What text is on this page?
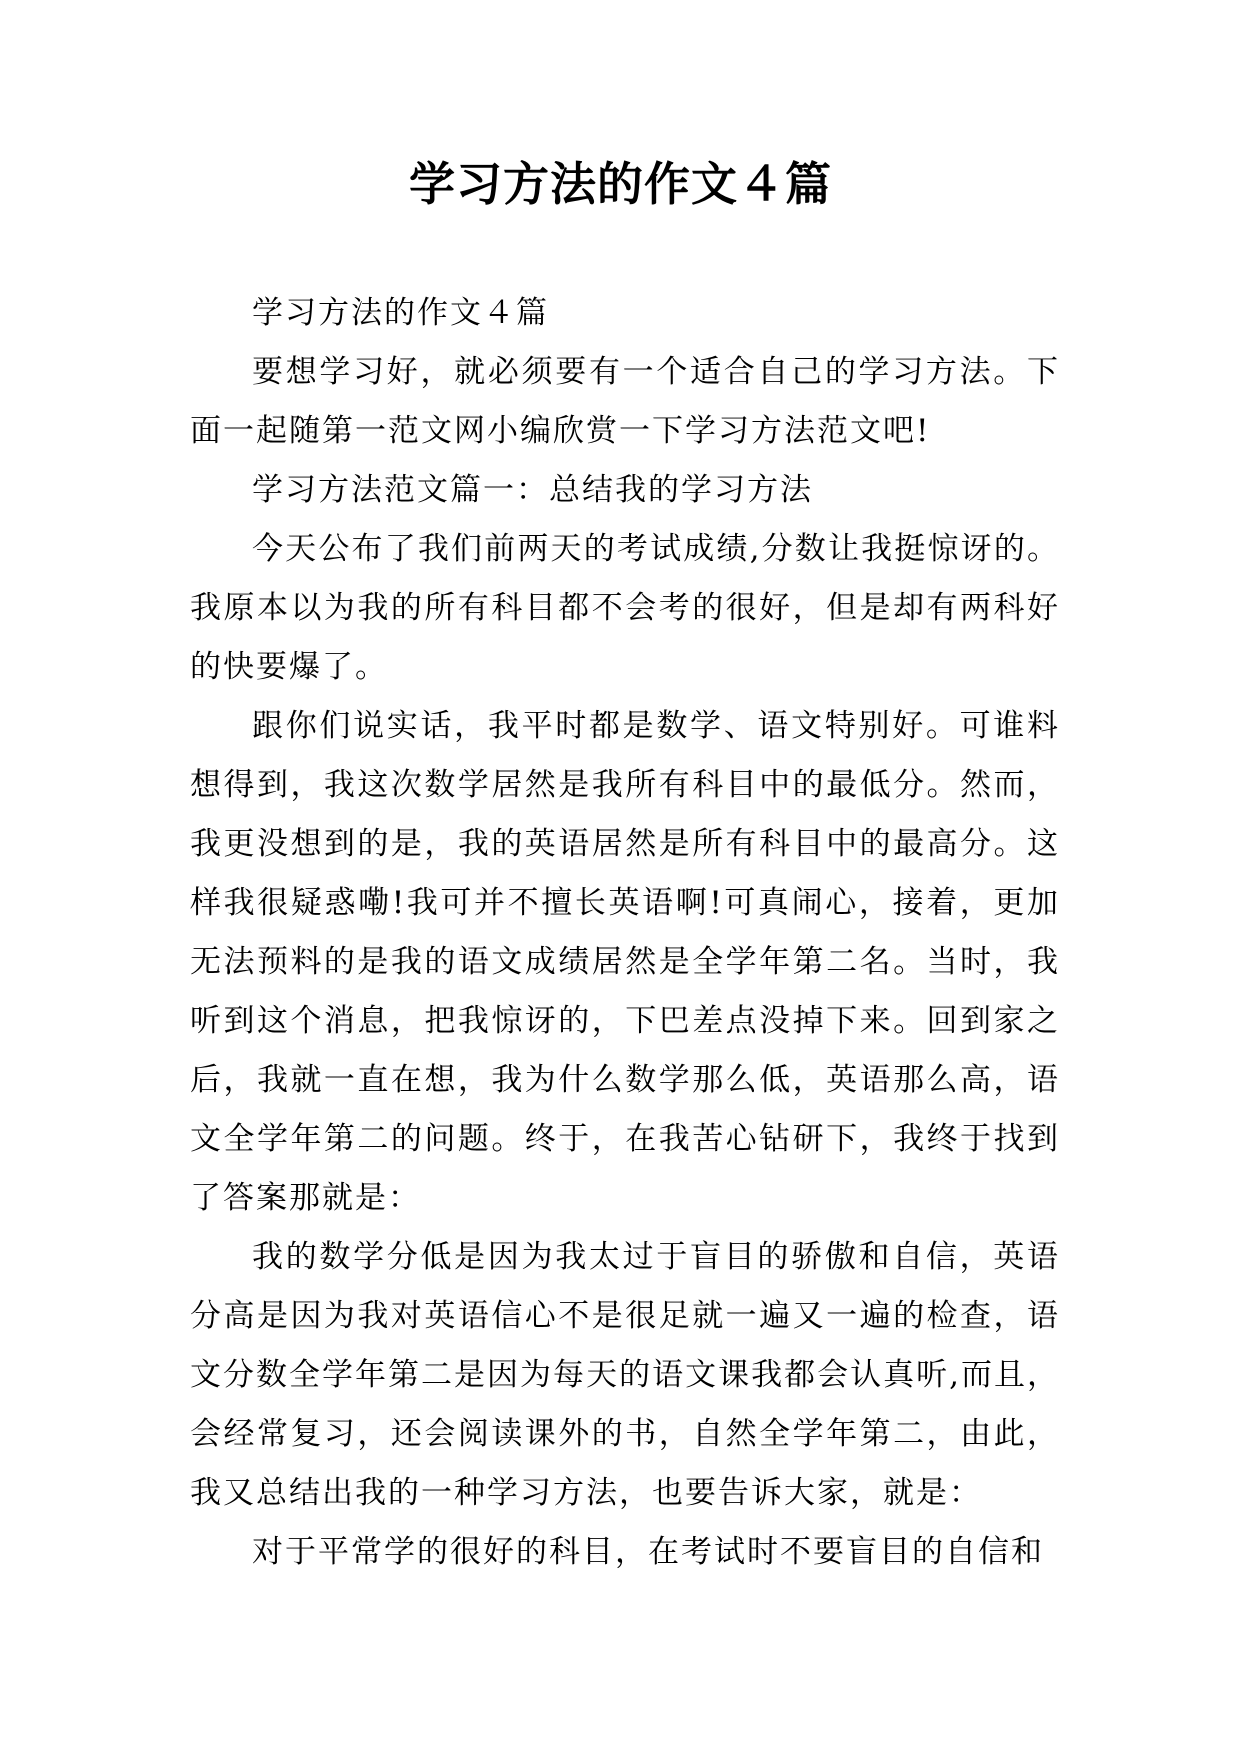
学习方法的作文４篇

学习方法的作文４篇

要想学习好，就必须要有一个适合自己的学习方法。下面一起随第一范文网小编欣赏一下学习方法范文吧!

学习方法范文篇一：总结我的学习方法

今天公布了我们前两天的考试成绩,分数让我挺惊讶的。我原本以为我的所有科目都不会考的很好，但是却有两科好的快要爆了。

跟你们说实话，我平时都是数学、语文特别好。可谁料想得到，我这次数学居然是我所有科目中的最低分。然而，我更没想到的是，我的英语居然是所有科目中的最高分。这样我很疑惑嘞!我可并不擅长英语啊!可真闹心，接着，更加无法预料的是我的语文成绩居然是全学年第二名。当时，我听到这个消息，把我惊讶的，下巴差点没掉下来。回到家之后，我就一直在想，我为什么数学那么低，英语那么高，语文全学年第二的问题。终于，在我苦心钻研下，我终于找到了答案那就是：

我的数学分低是因为我太过于盲目的骄傲和自信，英语分高是因为我对英语信心不是很足就一遍又一遍的检查，语文分数全学年第二是因为每天的语文课我都会认真听,而且，会经常复习，还会阅读课外的书，自然全学年第二，由此，我又总结出我的一种学习方法，也要告诉大家，就是：

对于平常学的很好的科目，在考试时不要盲目的自信和
